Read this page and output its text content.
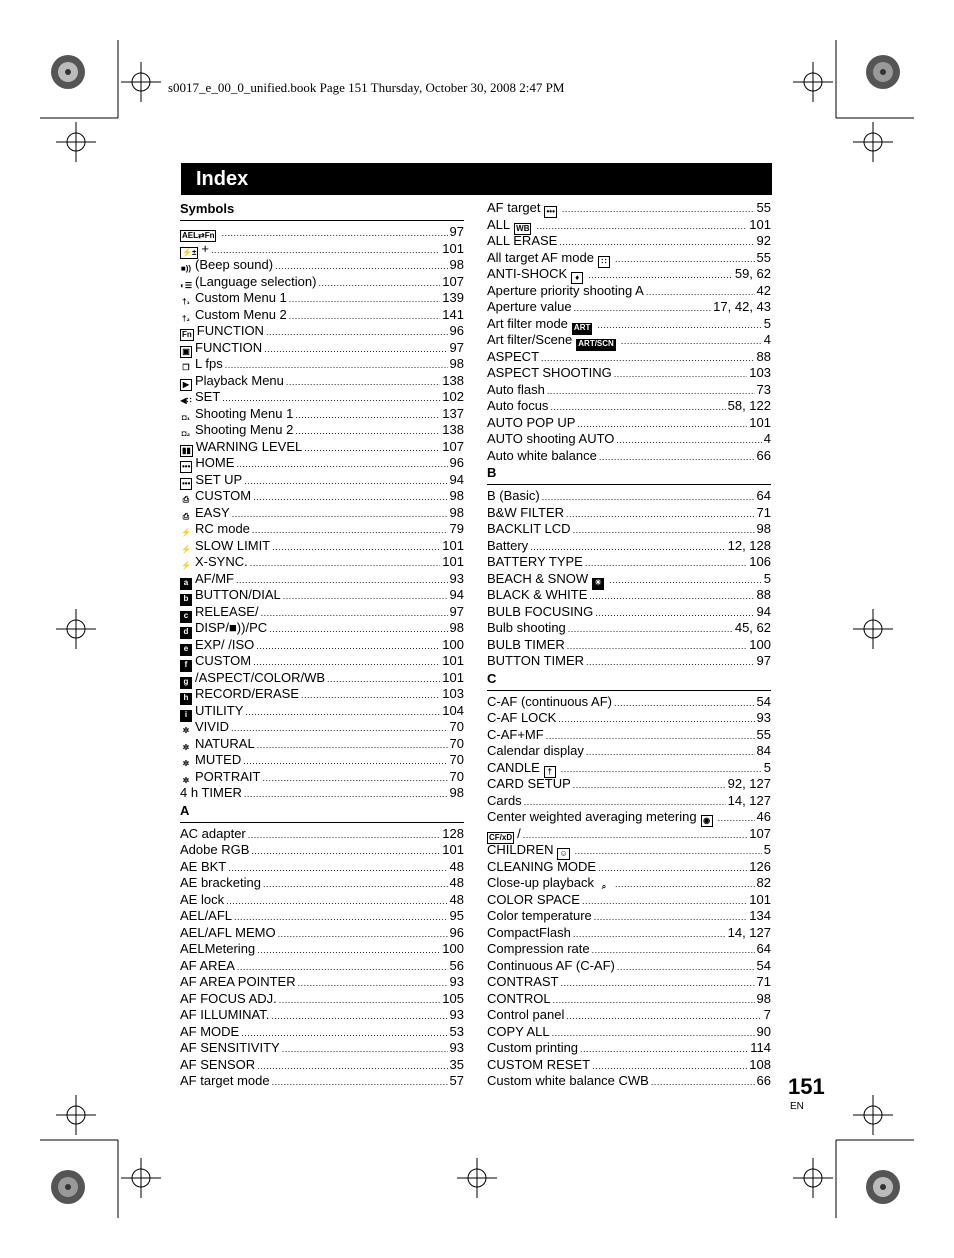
s0017_e_00_0_unified.book Page 151 Thursday, October 30, 2008 2:47 PM
Index
Symbols
AEL⇄Fn . . .	97
⚡± + . . .	101
■)) (Beep sound) . . .	98
◐☰ (Language selection) . . .	107
†₁ Custom Menu 1 . . .	139
†₂ Custom Menu 2 . . .	141
Fn FUNCTION . . .	96
▣ FUNCTION . . .	97
❐ L fps . . .	98
▶ Playback Menu . . .	138
◀∷ SET . . .	102
◘₁ Shooting Menu 1 . . .	137
◘₂ Shooting Menu 2 . . .	138
▮▮ WARNING LEVEL . . .	107
••• HOME . . .	96
••• SET UP . . .	94
⎙ CUSTOM . . .	98
⎙ EASY . . .	98
⚡ RC mode . . .	79
⚡ SLOW LIMIT . . .	101
⚡ X-SYNC. . . .	101
a AF/MF . . .	93
b BUTTON/DIAL . . .	94
c RELEASE/ . . .	97
d DISP/■))/PC . . .	98
e EXP/ /ISO . . .	100
f CUSTOM . . .	101
g /ASPECT/COLOR/WB . . .	101
h RECORD/ERASE . . .	103
i UTILITY . . .	104
✲ VIVID . . .	70
✲ NATURAL . . .	70
✲ MUTED . . .	70
✲ PORTRAIT . . .	70
4 h TIMER . . .	98
A
AC adapter . . .	128
Adobe RGB . . .	101
AE BKT . . .	48
AE bracketing . . .	48
AE lock . . .	48
AEL/AFL . . .	95
AEL/AFL MEMO . . .	96
AELMetering . . .	100
AF AREA . . .	56
AF AREA POINTER . . .	93
AF FOCUS ADJ. . . .	105
AF ILLUMINAT. . . .	93
AF MODE . . .	53
AF SENSITIVITY . . .	93
AF SENSOR . . .	35
AF target mode . . .	57
AF target ••• . . .	55
ALL WB . . .	101
ALL ERASE . . .	92
All target AF mode ∷ . . .	55
ANTI-SHOCK ♦ . . .	59, 62
Aperture priority shooting A . . .	42
Aperture value . . .	17, 42, 43
Art filter mode ART . . .	5
Art filter/Scene ART/SCN . . .	4
ASPECT . . .	88
ASPECT SHOOTING . . .	103
Auto flash . . .	73
Auto focus . . .	58, 122
AUTO POP UP . . .	101
AUTO shooting AUTO . . .	4
Auto white balance . . .	66
B
B (Basic) . . .	64
B&W FILTER . . .	71
BACKLIT LCD . . .	98
Battery . . .	12, 128
BATTERY TYPE . . .	106
BEACH & SNOW ☀ . . .	5
BLACK & WHITE . . .	88
BULB FOCUSING . . .	94
Bulb shooting . . .	45, 62
BULB TIMER . . .	100
BUTTON TIMER . . .	97
C
C-AF (continuous AF) . . .	54
C-AF LOCK . . .	93
C-AF+MF . . .	55
Calendar display . . .	84
CANDLE † . . .	5
CARD SETUP . . .	92, 127
Cards . . .	14, 127
Center weighted averaging metering ◉ . . .	46
CF/xD / . . .	107
CHILDREN ☺ . . .	5
CLEANING MODE . . .	126
Close-up playback ⌕ . . .	82
COLOR SPACE . . .	101
Color temperature . . .	134
CompactFlash . . .	14, 127
Compression rate . . .	64
Continuous AF (C-AF) . . .	54
CONTRAST . . .	71
CONTROL . . .	98
Control panel . . .	7
COPY ALL . . .	90
Custom printing . . .	114
CUSTOM RESET . . .	108
Custom white balance CWB . . .	66 151
EN
